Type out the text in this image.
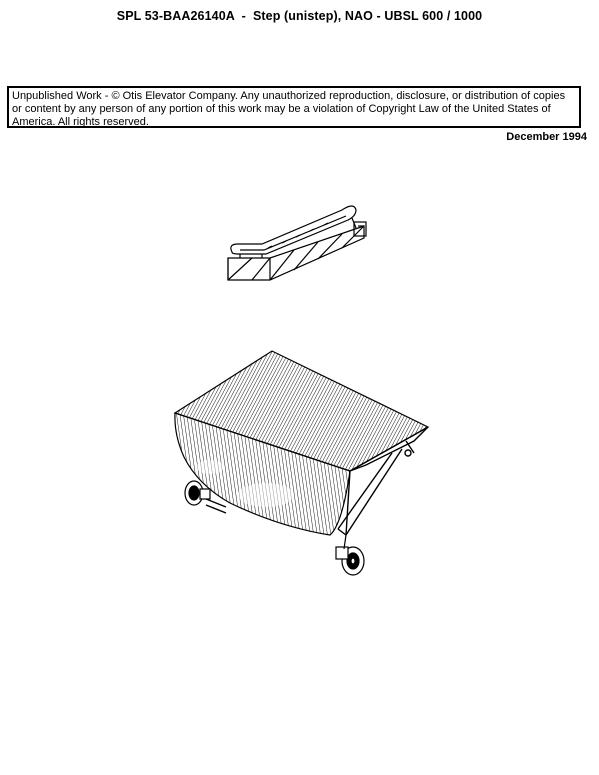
SPL 53-BAA26140A  -  Step (unistep), NAO - UBSL 600 / 1000
Unpublished Work - © Otis Elevator Company. Any unauthorized reproduction, disclosure, or distribution of copies or content by any person of any portion of this work may be a violation of Copyright Law of the United States of America. All rights reserved.
December 1994
